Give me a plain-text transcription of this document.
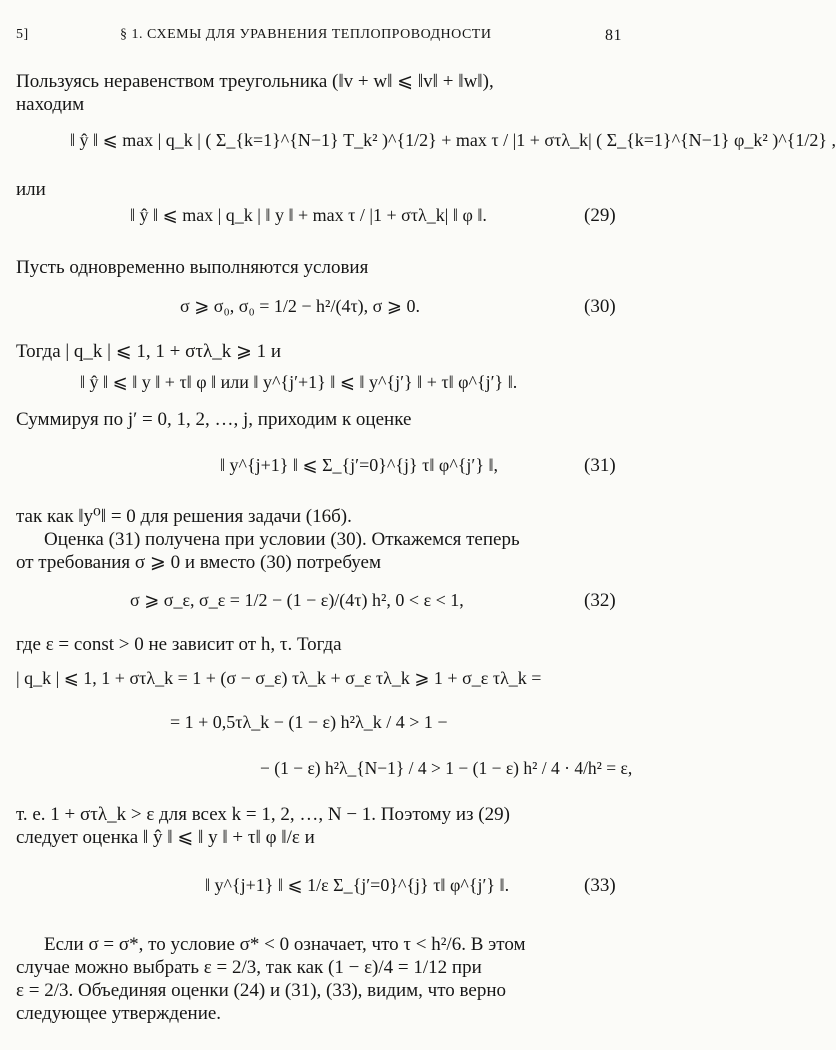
5]	§ 1. СХЕМЫ ДЛЯ УРАВНЕНИЯ ТЕПЛОПРОВОДНОСТИ	81
Пользуясь неравенством треугольника (‖v + w‖ ⩽ ‖v‖ + ‖w‖),
находим
‖ ŷ ‖ ⩽ max | q_k | ( Σ_{k=1}^{N−1} T_k² )^{1/2} + max τ / |1 + στλ_k| ( Σ_{k=1}^{N−1} φ_k² )^{1/2} ,
или
‖ ŷ ‖ ⩽ max | q_k | ‖ y ‖ + max τ / |1 + στλ_k| ‖ φ ‖.	(29)
Пусть одновременно выполняются условия
σ ⩾ σ₀, σ₀ = 1/2 − h²/(4τ), σ ⩾ 0.	(30)
Тогда | q_k | ⩽ 1, 1 + στλ_k ⩾ 1 и
‖ ŷ ‖ ⩽ ‖ y ‖ + τ‖ φ ‖ или ‖ y^{j′+1} ‖ ⩽ ‖ y^{j′} ‖ + τ‖ φ^{j′} ‖.
Суммируя по j′ = 0, 1, 2, …, j, приходим к оценке
‖ y^{j+1} ‖ ⩽ Σ_{j′=0}^{j} τ‖ φ^{j′} ‖,	(31)
так как ‖y⁰‖ = 0 для решения задачи (16б).
Оценка (31) получена при условии (30). Откажемся теперь
от требования σ ⩾ 0 и вместо (30) потребуем
σ ⩾ σ_ε, σ_ε = 1/2 − (1 − ε)/(4τ) h², 0 < ε < 1,	(32)
где ε = const > 0 не зависит от h, τ. Тогда
| q_k | ⩽ 1, 1 + στλ_k = 1 + (σ − σ_ε) τλ_k + σ_ε τλ_k ⩾ 1 + σ_ε τλ_k =
= 1 + 0,5τλ_k − (1 − ε) h²λ_k / 4 > 1 −
− (1 − ε) h²λ_{N−1} / 4 > 1 − (1 − ε) h² / 4 · 4/h² = ε,
т. е. 1 + στλ_k > ε для всех k = 1, 2, …, N − 1. Поэтому из (29)
следует оценка ‖ ŷ ‖ ⩽ ‖ y ‖ + τ‖ φ ‖/ε и
‖ y^{j+1} ‖ ⩽ 1/ε Σ_{j′=0}^{j} τ‖ φ^{j′} ‖.	(33)
Если σ = σ*, то условие σ* < 0 означает, что τ < h²/6. В этом
случае можно выбрать ε = 2/3, так как (1 − ε)/4 = 1/12 при
ε = 2/3. Объединяя оценки (24) и (31), (33), видим, что верно
следующее утверждение.
